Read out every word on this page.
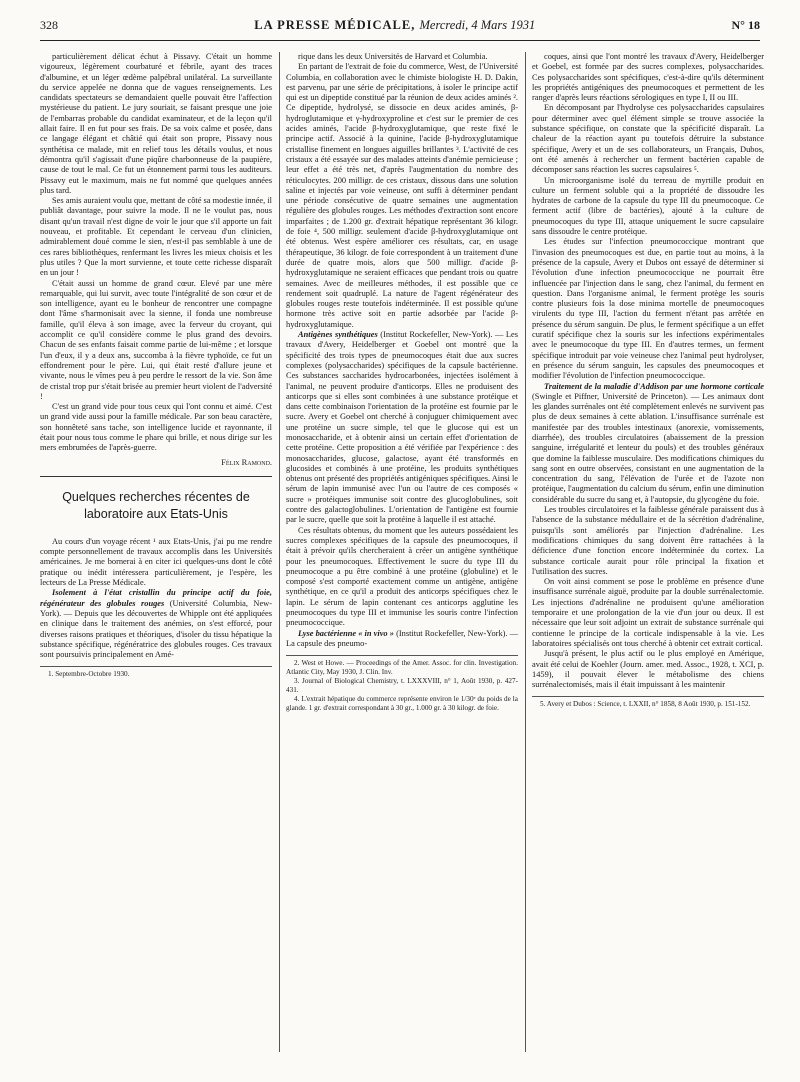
328	LA PRESSE MÉDICALE, Mercredi, 4 Mars 1931	N° 18

particulièrement délicat échut à Pissavy. C'était un homme vigoureux, légèrement courbaturé et fébrile, ayant des traces d'albumine, et un léger œdème palpébral unilatéral. La surveillante du service appelée ne donna que de vagues renseignements. Les candidats spectateurs se demandaient quelle pouvait être l'affection mystérieuse du patient. Le jury souriait, se faisant presque une joie de l'embarras probable du candidat examinateur, et de la leçon qu'il allait faire. Il en fut pour ses frais. De sa voix calme et posée, dans ce langage élégant et châtié qui était son propre, Pissavy nous synthétisa ce malade, mit en relief tous les détails voulus, et nous démontra qu'il s'agissait d'une piqûre charbonneuse de la paupière, cause de tout le mal. Ce fut un étonnement parmi tous les auditeurs. Pissavy eut le maximum, mais ne fut nommé que quelques années plus tard.

Ses amis auraient voulu que, mettant de côté sa modestie innée, il publiât davantage, pour suivre la mode. Il ne le voulut pas, nous disant qu'un travail n'est digne de voir le jour que s'il apporte un fait nouveau, et profitable. Et cependant le cerveau d'un clinicien, admirablement doué comme le sien, n'est-il pas semblable à une de ces rares bibliothèques, renfermant les livres les mieux choisis et les plus utiles ? Que la mort survienne, et toute cette richesse disparaît en un jour !

C'était aussi un homme de grand cœur. Elevé par une mère remarquable, qui lui survit, avec toute l'intégralité de son cœur et de son intelligence, ayant eu le bonheur de rencontrer une compagne dont l'âme s'harmonisait avec la sienne, il fonda une nombreuse famille, qu'il éleva à son image, avec la ferveur du croyant, qui accomplit ce qu'il considère comme le plus grand des devoirs. Chacun de ses enfants faisait comme partie de lui-même ; et lorsque l'un d'eux, il y a deux ans, succomba à la fièvre typhoïde, ce fut un effondrement pour le père. Lui, qui était resté d'allure jeune et vivante, nous le vîmes peu à peu perdre le ressort de la vie. Son âme de cristal trop pur s'était brisée au premier heurt violent de l'adversité !

C'est un grand vide pour tous ceux qui l'ont connu et aimé. C'est un grand vide aussi pour la famille médicale. Par son beau caractère, son honnêteté sans tache, son intelligence lucide et rayonnante, il était pour nous tous comme le phare qui brille, et nous dirige sur les mers embrumées de l'après-guerre.

Félix Ramond.
Quelques recherches récentes de laboratoire aux Etats-Unis

Au cours d'un voyage récent ¹ aux Etats-Unis, j'ai pu me rendre compte personnellement de travaux accomplis dans les Universités américaines. Je me bornerai à en citer ici quelques-uns dont le côté pratique ou inédit intéressera particulièrement, je l'espère, les lecteurs de La Presse Médicale.

Isolement à l'état cristallin du principe actif du foie, régénérateur des globules rouges (Université Columbia, New-York). — Depuis que les découvertes de Whipple ont été appliquées en clinique dans le traitement des anémies, on s'est efforcé, pour diverses raisons pratiques et théoriques, d'isoler du tissu hépatique la substance spécifique, régénératrice des globules rouges. Ces travaux sont poursuivis principalement en Amé-

1. Septembre-Octobre 1930.

rique dans les deux Universités de Harvard et Columbia.

En partant de l'extrait de foie du commerce, West, de l'Université Columbia, en collaboration avec le chimiste biologiste H. D. Dakin, est parvenu, par une série de précipitations, à isoler le principe actif qui est un dipeptide constitué par la réunion de deux acides aminés ². Ce dipeptide, hydrolysé, se dissocie en deux acides aminés, β-hydroglutamique et γ-hydroxyproline et c'est sur le premier de ces acides aminés, l'acide β-hydroxyglutamique, que reste fixé le principe actif. Associé à la quinine, l'acide β-hydroxyglutamique cristallise finement en longues aiguilles brillantes ³. L'activité de ces cristaux a été essayée sur des malades atteints d'anémie pernicieuse ; leur effet a été très net, d'après l'augmentation du nombre des réticulocytes. 200 milligr. de ces cristaux, dissous dans une solution saline et injectés par voie veineuse, ont suffi à déterminer pendant une période consécutive de quatre semaines une augmentation régulière des globules rouges. Les méthodes d'extraction sont encore imparfaites ; de 1.200 gr. d'extrait hépatique représentant 36 kilogr. de foie ⁴, 500 milligr. seulement d'acide β-hydroxyglutamique ont été obtenus. West espère améliorer ces résultats, car, en usage thérapeutique, 36 kilogr. de foie correspondent à un traitement d'une durée de quatre mois, alors que 500 milligr. d'acide β-hydroxyglutamique ne seraient efficaces que pendant trois ou quatre semaines. Avec de meilleures méthodes, il est possible que ce rendement soit quadruplé. La nature de l'agent régénérateur des globules rouges reste toutefois indéterminée. Il est possible qu'une hormone très active soit en partie adsorbée par l'acide β-hydroxyglutamique.

Antigènes synthétiques (Institut Rockefeller, New-York). — Les travaux d'Avery, Heidelberger et Goebel ont montré que la spécificité des trois types de pneumocoques était due aux sucres complexes (polysaccharides) spécifiques de la capsule bactérienne. Ces substances saccharides hydrocarbonées, injectées isolément à l'animal, ne peuvent produire d'anticorps. Elles ne produisent des anticorps que si elles sont combinées à une substance protéique et dans cette combinaison l'orientation de la protéine est fournie par le sucre. Avery et Goebel ont cherché à conjuguer chimiquement avec une protéine un sucre simple, tel que le glucose qui est un monosaccharide, et à obtenir ainsi un certain effet d'orientation de cette protéine. Cette proposition a été vérifiée par l'expérience : des monosaccharides, glucose, galactose, ayant été transformés en glucosides et combinés à une protéine, les produits synthétiques obtenus ont présenté des propriétés antigéniques spécifiques. Ainsi le sérum de lapin immunisé avec l'un ou l'autre de ces composés « sucre » protéiques immunise soit contre des glucoglobulines, soit contre des galactoglobulines. L'orientation de l'antigène est fournie par le sucre, quelle que soit la protéine à laquelle il est attaché.

Ces résultats obtenus, du moment que les auteurs possédaient les sucres complexes spécifiques de la capsule des pneumocoques, il était à prévoir qu'ils chercheraient à créer un antigène synthétique pour les pneumocoques. Effectivement le sucre du type III du pneumocoque a pu être combiné à une protéine (globuline) et le composé s'est comporté exactement comme un antigène, antigène synthétique, en ce qu'il a produit des anticorps spécifiques chez le lapin. Le sérum de lapin contenant ces anticorps agglutine les pneumocoques du type III et immunise les souris contre l'infection pneumococcique.

Lyse bactérienne « in vivo » (Institut Rockefeller, New-York). — La capsule des pneumo-

2. West et Howe. — Proceedings of the Amer. Assoc. for clin. Investigation. Atlantic City, May 1930, J. Clin. Inv.

3. Journal of Biological Chemistry, t. LXXXVIII, n° 1, Août 1930, p. 427-431.

4. L'extrait hépatique du commerce représente environ le 1/30ᵉ du poids de la glande. 1 gr. d'extrait correspondant à 30 gr., 1.000 gr. à 30 kilogr. de foie.

coques, ainsi que l'ont montré les travaux d'Avery, Heidelberger et Goebel, est formée par des sucres complexes, polysaccharides. Ces polysaccharides sont spécifiques, c'est-à-dire qu'ils déterminent les propriétés antigéniques des pneumocoques et permettent de les ranger d'après leurs réactions sérologiques en type I, II ou III.

En décomposant par l'hydrolyse ces polysaccharides capsulaires pour déterminer avec quel élément simple se trouve associée la substance spécifique, on constate que la spécificité disparaît. La chaleur de la réaction ayant pu toutefois détruire la substance spécifique, Avery et un de ses collaborateurs, un Français, Dubos, ont été amenés à rechercher un ferment bactérien capable de décomposer sans réaction les sucres capsulaires ⁵.

Un microorganisme isolé du terreau de myrtille produit en culture un ferment soluble qui a la propriété de dissoudre les hydrates de carbone de la capsule du type III du pneumocoque. Ce ferment actif (libre de bactéries), ajouté à la culture de pneumocoques du type III, attaque uniquement le sucre capsulaire sans dissoudre le centre protéique.

Les études sur l'infection pneumococcique montrant que l'invasion des pneumocoques est due, en partie tout au moins, à la présence de la capsule, Avery et Dubos ont essayé de déterminer si l'évolution d'une infection pneumococcique ne pourrait être influencée par l'injection dans le sang, chez l'animal, du ferment en question. Dans l'organisme animal, le ferment protège les souris contre plusieurs fois la dose minima mortelle de pneumocoques virulents du type III, l'action du ferment n'étant pas arrêtée en présence du sérum sanguin. De plus, le ferment spécifique a un effet curatif spécifique chez la souris sur les infections expérimentales avec le pneumocoque du type III. En d'autres termes, un ferment spécifique introduit par voie veineuse chez l'animal peut hydrolyser, en présence du sérum sanguin, les capsules des pneumocoques et modifier l'évolution de l'infection pneumococcique.

Traitement de la maladie d'Addison par une hormone corticale (Swingle et Piffner, Université de Princeton). — Les animaux dont les glandes surrénales ont été complètement enlevés ne survivent pas plus de deux semaines à cette ablation. L'insuffisance surrénale est manifestée par des troubles intestinaux (anorexie, vomissements, diarrhée), des troubles circulatoires (abaissement de la pression sanguine, irrégularité et lenteur du pouls) et des troubles généraux que domine la faiblesse musculaire. Des modifications chimiques du sang sont en outre observées, consistant en une augmentation de la concentration du sang, l'élévation de l'urée et de l'azote non protéique, l'augmentation du calcium du sérum, enfin une diminution considérable du sucre du sang et, à l'autopsie, du glycogène du foie.

Les troubles circulatoires et la faiblesse générale paraissent dus à l'absence de la substance médullaire et de la sécrétion d'adrénaline, puisqu'ils sont améliorés par l'injection d'adrénaline. Les modifications chimiques du sang doivent être rattachées à la déficience d'une fonction encore indéterminée du cortex. La substance corticale aurait pour rôle principal la fixation et l'utilisation des sucres.

On voit ainsi comment se pose le problème en présence d'une insuffisance surrénale aiguë, produite par la double surrénalectomie. Les injections d'adrénaline ne produisent qu'une amélioration temporaire et une prolongation de la vie d'un jour ou deux. Il est nécessaire que leur soit adjoint un extrait de substance surrénale qui contienne le principe de la corticale indispensable à la vie. Les laboratoires spécialisés ont tous cherché à obtenir cet extrait cortical.

Jusqu'à présent, le plus actif ou le plus employé en Amérique, avait été celui de Koehler (Journ. amer. med. Assoc., 1928, t. XCI, p. 1459), il pouvait élever le métabolisme des chiens surrénalectomisés, mais il était impuissant à les maintenir

5. Avery et Dubos : Science, t. LXXII, n° 1858, 8 Août 1930, p. 151-152.
